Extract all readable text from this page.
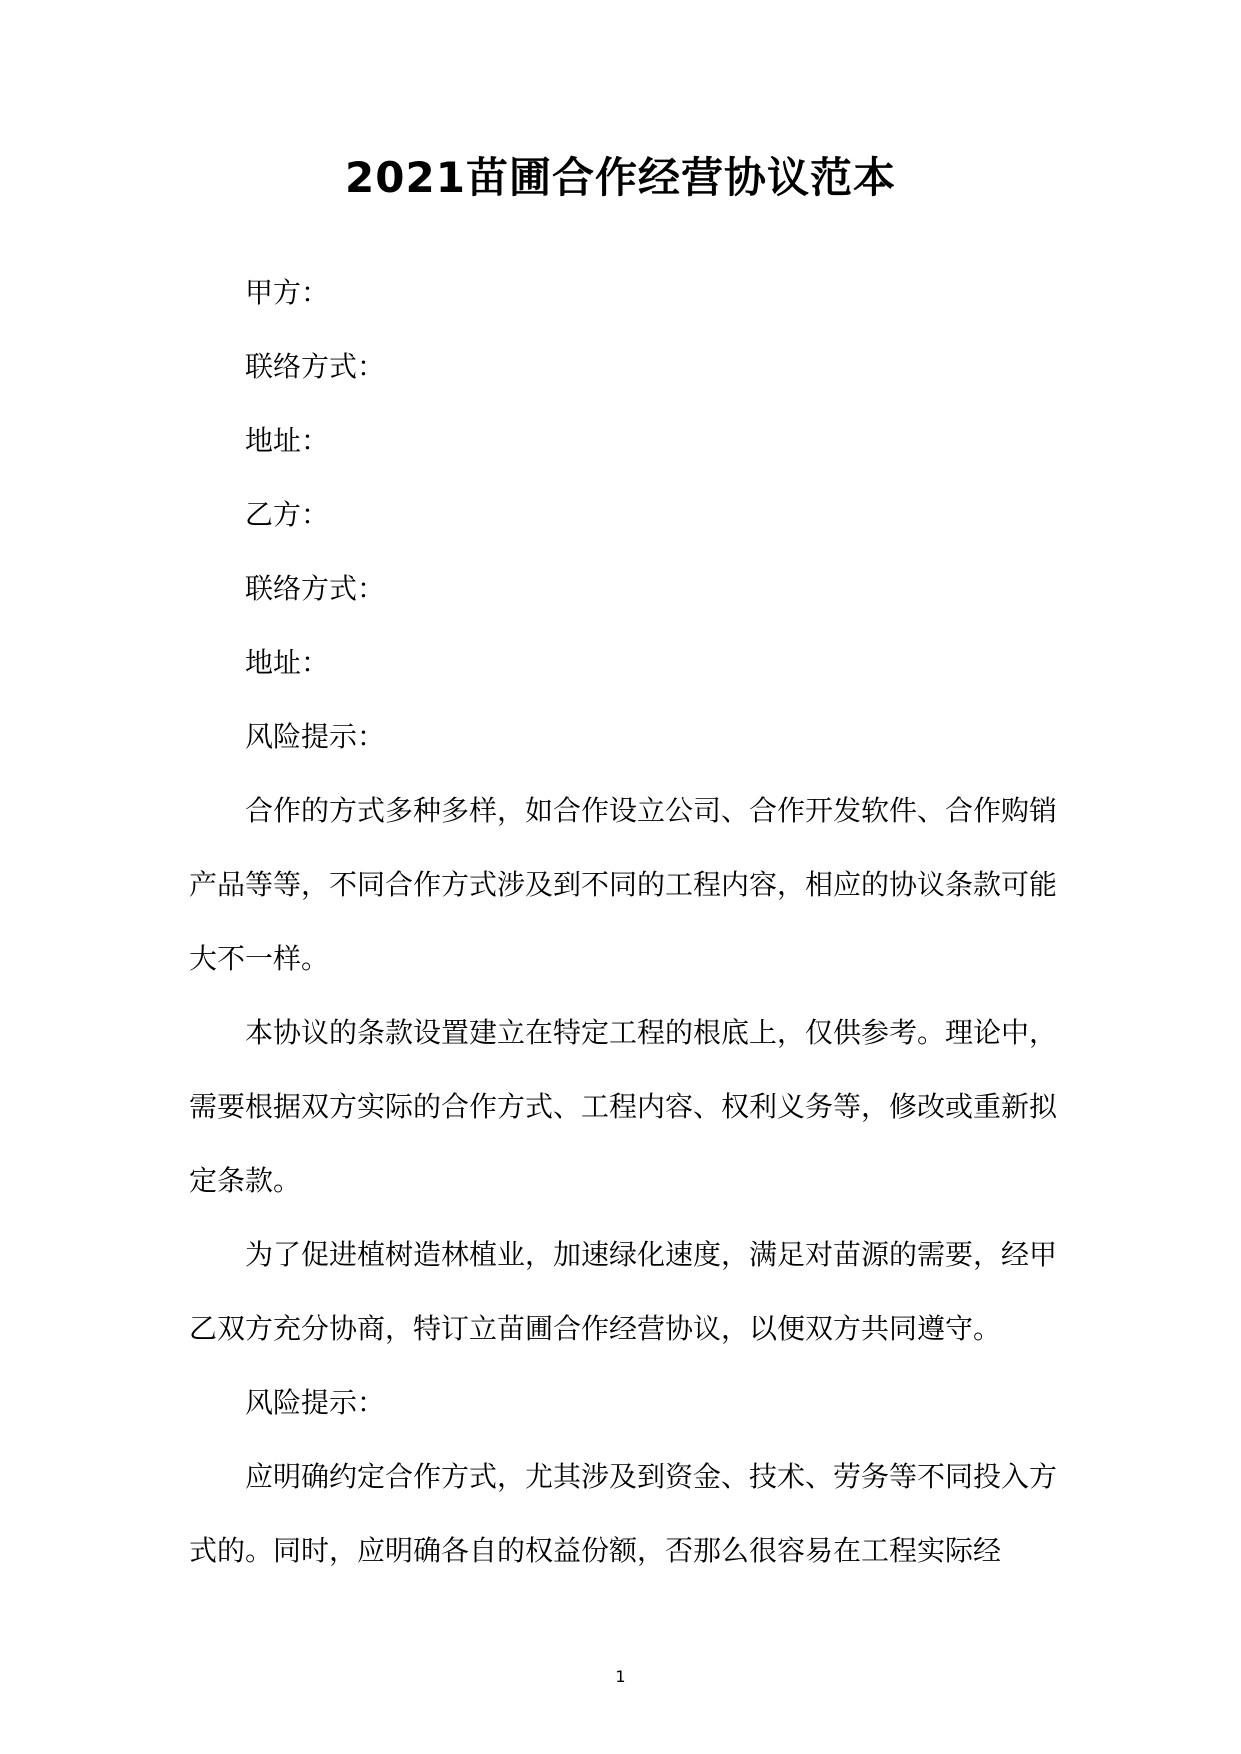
2021苗圃合作经营协议范本

甲方：

联络方式：

地址：

乙方：

联络方式：

地址：

风险提示：

合作的方式多种多样，如合作设立公司、合作开发软件、合作购销产品等等，不同合作方式涉及到不同的工程内容，相应的协议条款可能大不一样。

本协议的条款设置建立在特定工程的根底上，仅供参考。理论中，需要根据双方实际的合作方式、工程内容、权利义务等，修改或重新拟定条款。

为了促进植树造林植业，加速绿化速度，满足对苗源的需要，经甲乙双方充分协商，特订立苗圃合作经营协议，以便双方共同遵守。

风险提示：

应明确约定合作方式，尤其涉及到资金、技术、劳务等不同投入方式的。同时，应明确各自的权益份额，否那么很容易在工程实际经

1
